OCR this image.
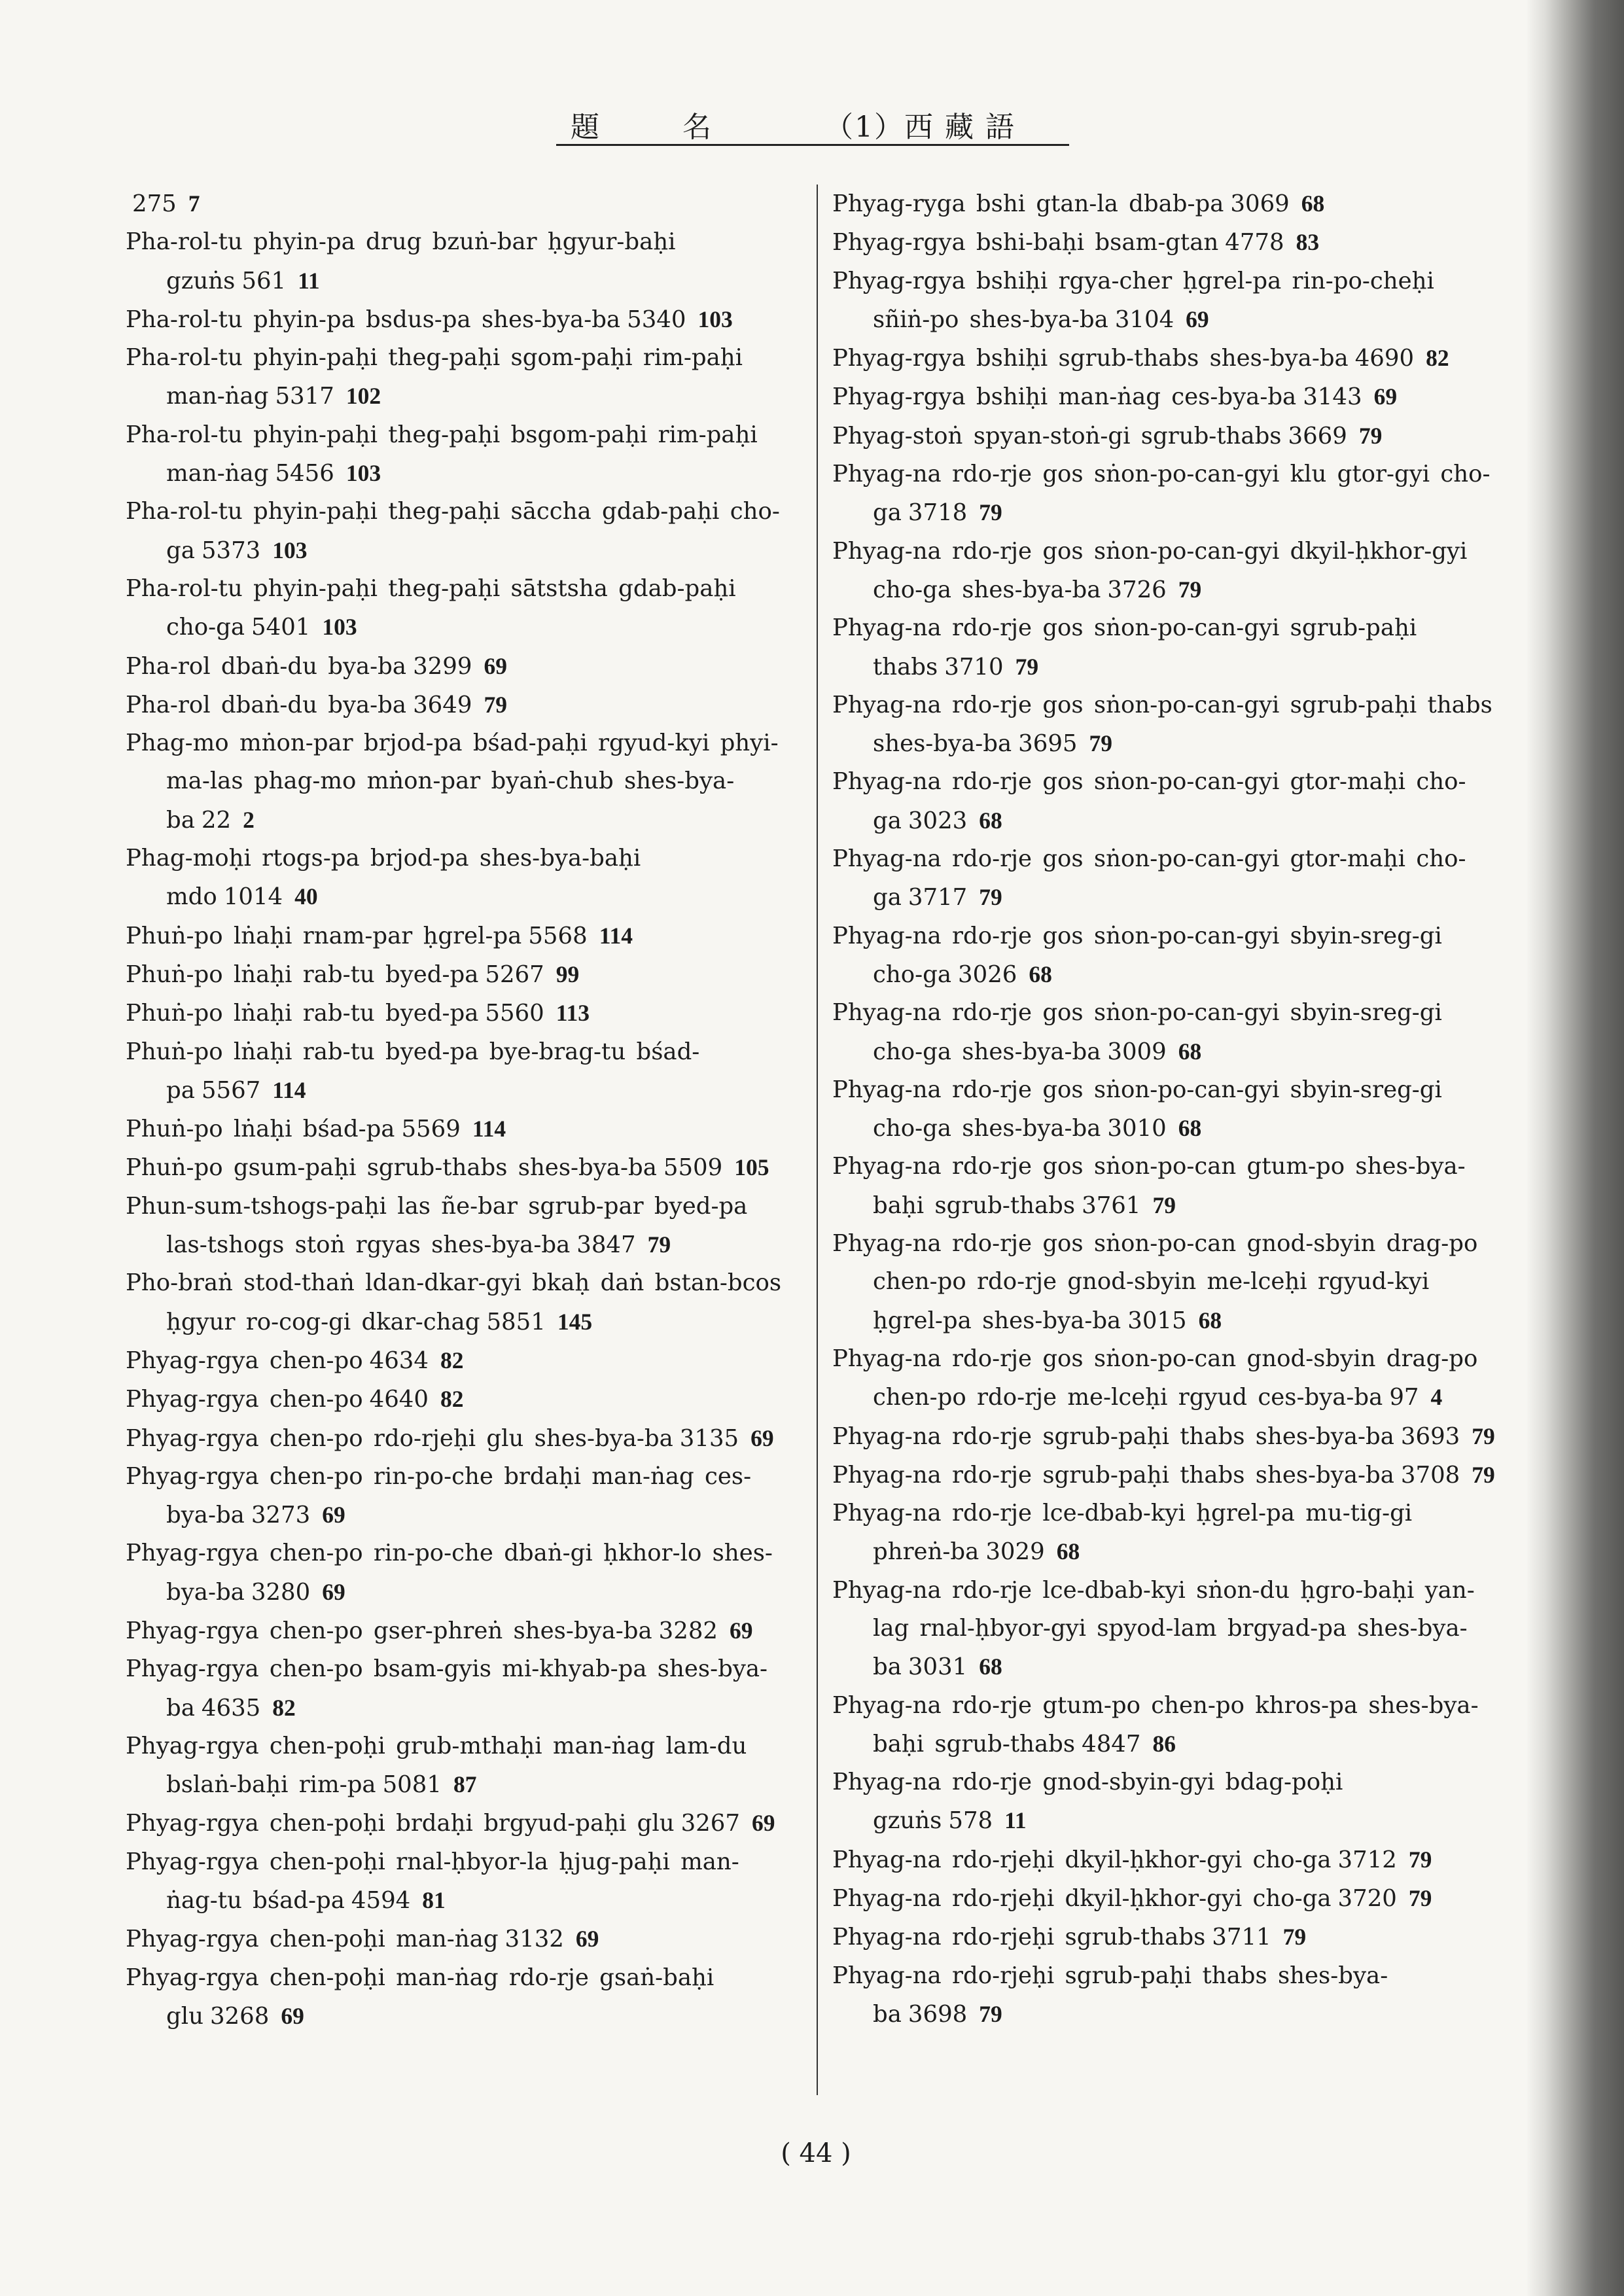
題	名	（1）西 藏 語

275 7

Pha-rol-tu phyin-pa drug bzuṅ-bar ḥgyur-baḥi gzuṅs 561 11

Pha-rol-tu phyin-pa bsdus-pa shes-bya-ba 5340 103

Pha-rol-tu phyin-paḥi theg-paḥi sgom-paḥi rim-paḥi man-ṅag 5317 102

Pha-rol-tu phyin-paḥi theg-paḥi bsgom-paḥi rim-paḥi man-ṅag 5456 103

Pha-rol-tu phyin-paḥi theg-paḥi sāccha gdab-paḥi cho-ga 5373 103

Pha-rol-tu phyin-paḥi theg-paḥi sātstsha gdab-paḥi cho-ga 5401 103

Pha-rol dbaṅ-du bya-ba 3299 69

Pha-rol dbaṅ-du bya-ba 3649 79

Phag-mo mṅon-par brjod-pa bśad-paḥi rgyud-kyi phyi-ma-las phag-mo mṅon-par byaṅ-chub shes-bya-ba 22 2

Phag-moḥi rtogs-pa brjod-pa shes-bya-baḥi mdo 1014 40

Phuṅ-po lṅaḥi rnam-par ḥgrel-pa 5568 114

Phuṅ-po lṅaḥi rab-tu byed-pa 5267 99

Phuṅ-po lṅaḥi rab-tu byed-pa 5560 113

Phuṅ-po lṅaḥi rab-tu byed-pa bye-brag-tu bśad-pa 5567 114

Phuṅ-po lṅaḥi bśad-pa 5569 114

Phuṅ-po gsum-paḥi sgrub-thabs shes-bya-ba 5509 105

Phun-sum-tshogs-paḥi las ñe-bar sgrub-par byed-pa las-tshogs stoṅ rgyas shes-bya-ba 3847 79

Pho-braṅ stod-thaṅ ldan-dkar-gyi bkaḥ daṅ bstan-bcos ḥgyur ro-cog-gi dkar-chag 5851 145

Phyag-rgya chen-po 4634 82

Phyag-rgya chen-po 4640 82

Phyag-rgya chen-po rdo-rjeḥi glu shes-bya-ba 3135 69

Phyag-rgya chen-po rin-po-che brdaḥi man-ṅag ces-bya-ba 3273 69

Phyag-rgya chen-po rin-po-che dbaṅ-gi ḥkhor-lo shes-bya-ba 3280 69

Phyag-rgya chen-po gser-phreṅ shes-bya-ba 3282 69

Phyag-rgya chen-po bsam-gyis mi-khyab-pa shes-bya-ba 4635 82

Phyag-rgya chen-poḥi grub-mthaḥi man-ṅag lam-du bslaṅ-baḥi rim-pa 5081 87

Phyag-rgya chen-poḥi brdaḥi brgyud-paḥi glu 3267 69

Phyag-rgya chen-poḥi rnal-ḥbyor-la ḥjug-paḥi man-ṅag-tu bśad-pa 4594 81

Phyag-rgya chen-poḥi man-ṅag 3132 69

Phyag-rgya chen-poḥi man-ṅag rdo-rje gsaṅ-baḥi glu 3268 69

Phyag-ryga bshi gtan-la dbab-pa 3069 68

Phyag-rgya bshi-baḥi bsam-gtan 4778 83

Phyag-rgya bshiḥi rgya-cher ḥgrel-pa rin-po-cheḥi sñiṅ-po shes-bya-ba 3104 69

Phyag-rgya bshiḥi sgrub-thabs shes-bya-ba 4690 82

Phyag-rgya bshiḥi man-ṅag ces-bya-ba 3143 69

Phyag-stoṅ spyan-stoṅ-gi sgrub-thabs 3669 79

Phyag-na rdo-rje gos sṅon-po-can-gyi klu gtor-gyi cho-ga 3718 79

Phyag-na rdo-rje gos sṅon-po-can-gyi dkyil-ḥkhor-gyi cho-ga shes-bya-ba 3726 79

Phyag-na rdo-rje gos sṅon-po-can-gyi sgrub-paḥi thabs 3710 79

Phyag-na rdo-rje gos sṅon-po-can-gyi sgrub-paḥi thabs shes-bya-ba 3695 79

Phyag-na rdo-rje gos sṅon-po-can-gyi gtor-maḥi cho-ga 3023 68

Phyag-na rdo-rje gos sṅon-po-can-gyi gtor-maḥi cho-ga 3717 79

Phyag-na rdo-rje gos sṅon-po-can-gyi sbyin-sreg-gi cho-ga 3026 68

Phyag-na rdo-rje gos sṅon-po-can-gyi sbyin-sreg-gi cho-ga shes-bya-ba 3009 68

Phyag-na rdo-rje gos sṅon-po-can-gyi sbyin-sreg-gi cho-ga shes-bya-ba 3010 68

Phyag-na rdo-rje gos sṅon-po-can gtum-po shes-bya-baḥi sgrub-thabs 3761 79

Phyag-na rdo-rje gos sṅon-po-can gnod-sbyin drag-po chen-po rdo-rje gnod-sbyin me-lceḥi rgyud-kyi ḥgrel-pa shes-bya-ba 3015 68

Phyag-na rdo-rje gos sṅon-po-can gnod-sbyin drag-po chen-po rdo-rje me-lceḥi rgyud ces-bya-ba 97 4

Phyag-na rdo-rje sgrub-paḥi thabs shes-bya-ba 3693 79

Phyag-na rdo-rje sgrub-paḥi thabs shes-bya-ba 3708 79

Phyag-na rdo-rje lce-dbab-kyi ḥgrel-pa mu-tig-gi phreṅ-ba 3029 68

Phyag-na rdo-rje lce-dbab-kyi sṅon-du ḥgro-baḥi yan-lag rnal-ḥbyor-gyi spyod-lam brgyad-pa shes-bya-ba 3031 68

Phyag-na rdo-rje gtum-po chen-po khros-pa shes-bya-baḥi sgrub-thabs 4847 86

Phyag-na rdo-rje gnod-sbyin-gyi bdag-poḥi gzuṅs 578 11

Phyag-na rdo-rjeḥi dkyil-ḥkhor-gyi cho-ga 3712 79

Phyag-na rdo-rjeḥi dkyil-ḥkhor-gyi cho-ga 3720 79

Phyag-na rdo-rjeḥi sgrub-thabs 3711 79

Phyag-na rdo-rjeḥi sgrub-paḥi thabs shes-bya-ba 3698 79

( 44 )
